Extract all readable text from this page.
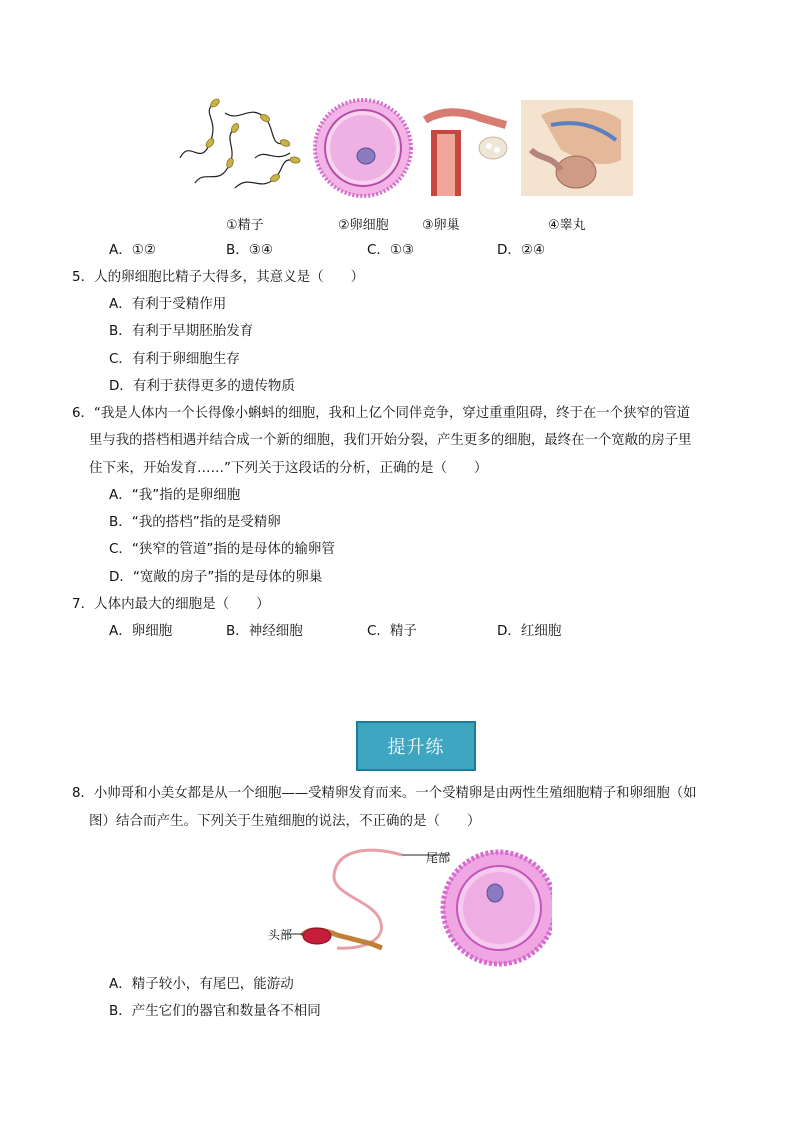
①精子	②卵细胞	③卵巢	④睾丸
A．①②	B．③④	C．①③	D．②④
5．人的卵细胞比精子大得多，其意义是（　　）
A．有利于受精作用
B．有利于早期胚胎发育
C．有利于卵细胞生存
D．有利于获得更多的遗传物质
6．“我是人体内一个长得像小蝌蚪的细胞，我和上亿个同伴竞争，穿过重重阻碍，终于在一个狭窄的管道
里与我的搭档相遇并结合成一个新的细胞，我们开始分裂，产生更多的细胞，最终在一个宽敞的房子里
住下来，开始发育……”下列关于这段话的分析，正确的是（　　）
A．“我”指的是卵细胞
B．“我的搭档”指的是受精卵
C．“狭窄的管道”指的是母体的输卵管
D．“宽敞的房子”指的是母体的卵巢
7．人体内最大的细胞是（　　）
A．卵细胞	B．神经细胞	C．精子	D．红细胞
提升练
8．小帅哥和小美女都是从一个细胞——受精卵发育而来。一个受精卵是由两性生殖细胞精子和卵细胞（如
图）结合而产生。下列关于生殖细胞的说法，不正确的是（　　）
尾部
头部
A．精子较小，有尾巴，能游动
B．产生它们的器官和数量各不相同
